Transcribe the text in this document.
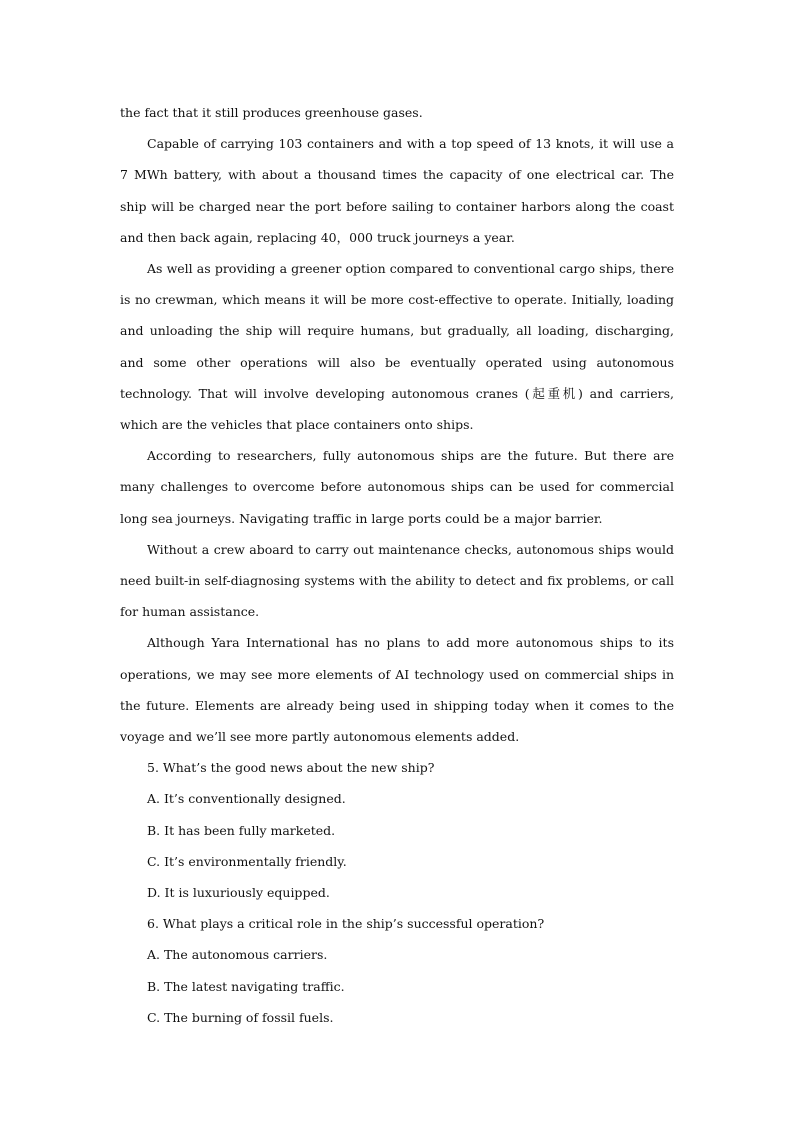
the fact that it still produces greenhouse gases.

Capable of carrying 103 containers and with a top speed of 13 knots, it will use a 7 MWh battery, with about a thousand times the capacity of one electrical car. The ship will be charged near the port before sailing to container harbors along the coast and then back again, replacing 40，000 truck journeys a year.

As well as providing a greener option compared to conventional cargo ships, there is no crewman, which means it will be more cost-effective to operate. Initially, loading and unloading the ship will require humans, but gradually, all loading, discharging, and some other operations will also be eventually operated using autonomous technology. That will involve developing autonomous cranes (起重机) and carriers, which are the vehicles that place containers onto ships.

According to researchers, fully autonomous ships are the future. But there are many challenges to overcome before autonomous ships can be used for commercial long sea journeys. Navigating traffic in large ports could be a major barrier.

Without a crew aboard to carry out maintenance checks, autonomous ships would need built-in self-diagnosing systems with the ability to detect and fix problems, or call for human assistance.

Although Yara International has no plans to add more autonomous ships to its operations, we may see more elements of AI technology used on commercial ships in the future. Elements are already being used in shipping today when it comes to the voyage and we’ll see more partly autonomous elements added.

5. What’s the good news about the new ship?

A. It’s conventionally designed.

B. It has been fully marketed.

C. It’s environmentally friendly.

D. It is luxuriously equipped.

6. What plays a critical role in the ship’s successful operation?

A. The autonomous carriers.

B. The latest navigating traffic.

C. The burning of fossil fuels.
